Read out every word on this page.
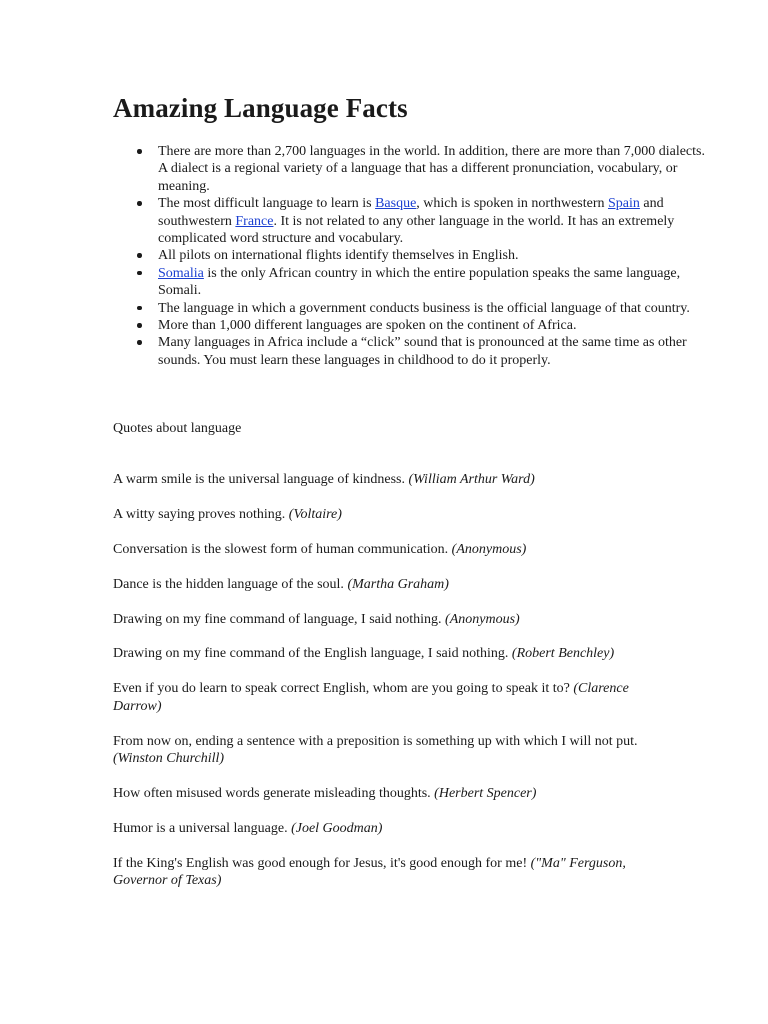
Amazing Language Facts
There are more than 2,700 languages in the world. In addition, there are more than 7,000 dialects. A dialect is a regional variety of a language that has a different pronunciation, vocabulary, or meaning.
The most difficult language to learn is Basque, which is spoken in northwestern Spain and southwestern France. It is not related to any other language in the world. It has an extremely complicated word structure and vocabulary.
All pilots on international flights identify themselves in English.
Somalia is the only African country in which the entire population speaks the same language, Somali.
The language in which a government conducts business is the official language of that country.
More than 1,000 different languages are spoken on the continent of Africa.
Many languages in Africa include a “click” sound that is pronounced at the same time as other sounds. You must learn these languages in childhood to do it properly.

Quotes about language

A warm smile is the universal language of kindness. (William Arthur Ward)
A witty saying proves nothing. (Voltaire)
Conversation is the slowest form of human communication. (Anonymous)
Dance is the hidden language of the soul. (Martha Graham)
Drawing on my fine command of language, I said nothing. (Anonymous)
Drawing on my fine command of the English language, I said nothing. (Robert Benchley)
Even if you do learn to speak correct English, whom are you going to speak it to? (Clarence Darrow)
From now on, ending a sentence with a preposition is something up with which I will not put. (Winston Churchill)
How often misused words generate misleading thoughts. (Herbert Spencer)
Humor is a universal language. (Joel Goodman)
If the King's English was good enough for Jesus, it's good enough for me! ("Ma" Ferguson, Governor of Texas)
